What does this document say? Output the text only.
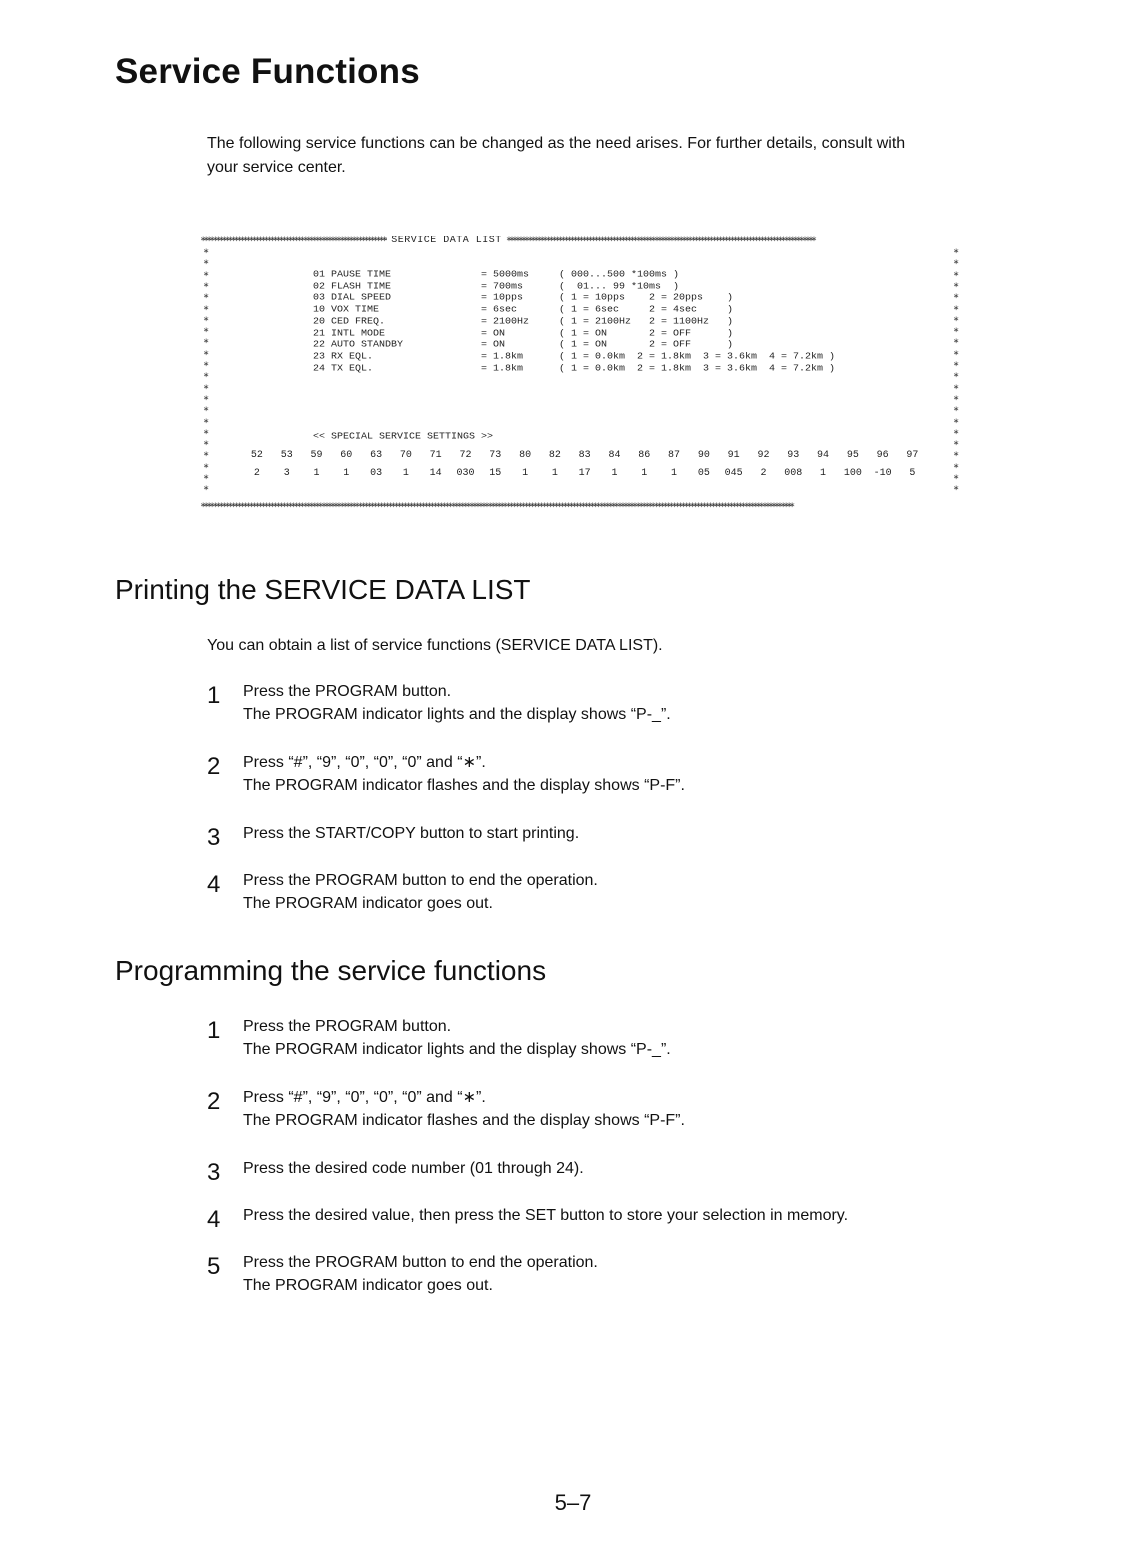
Service Functions

The following service functions can be changed as the need arises. For further details, consult with

your service center.

∗∗∗∗∗∗∗∗∗∗∗∗∗∗∗∗∗∗∗∗∗∗∗∗∗∗∗∗∗∗∗∗∗∗∗∗∗∗∗∗∗∗∗∗∗∗∗∗∗∗∗∗∗∗∗∗∗∗∗∗∗∗ SERVICE DATA LIST ∗∗∗∗∗∗∗∗∗∗∗∗∗∗∗∗∗∗∗∗∗∗∗∗∗∗∗∗∗∗∗∗∗∗∗∗∗∗∗∗∗∗∗∗∗∗∗∗∗∗∗∗∗∗∗∗∗∗∗∗∗∗∗∗∗∗∗∗∗∗∗∗∗∗∗∗∗∗∗∗∗∗∗∗∗∗∗∗∗∗∗∗∗∗∗∗∗∗∗∗∗∗
∗	∗
∗	∗
∗	∗
∗	∗
∗	∗
∗	∗
∗	∗
∗	∗
∗	∗
∗	∗
∗	∗
∗	∗
∗	∗
∗	∗
∗	∗
∗	∗
∗	∗
∗	∗
∗	∗
∗	∗
∗	∗
∗	∗
01 PAUSE TIME	= 5000ms	( 000...500 *100ms )
02 FLASH TIME	= 700ms	(  01... 99 *10ms  )
03 DIAL SPEED	= 10pps	( 1 = 10pps    2 = 20pps    )
10 VOX TIME	= 6sec	( 1 = 6sec     2 = 4sec     )
20 CED FREQ.	= 2100Hz	( 1 = 2100Hz   2 = 1100Hz   )
21 INTL MODE	= ON	( 1 = ON       2 = OFF      )
22 AUTO STANDBY	= ON	( 1 = ON       2 = OFF      )
23 RX EQL.	= 1.8km	( 1 = 0.0km  2 = 1.8km  3 = 3.6km  4 = 7.2km )
24 TX EQL.	= 1.8km	( 1 = 0.0km  2 = 1.8km  3 = 3.6km  4 = 7.2km )
<< SPECIAL SERVICE SETTINGS >>
52 53 59 60 63 70 71 72 73 80 82 83 84 86 87 90 91 92 93 94 95 96 97
2 3 1 1 03 1 14 030 15 1 1 17 1 1 1 05 045 2 008 1 100 -10 5
∗∗∗∗∗∗∗∗∗∗∗∗∗∗∗∗∗∗∗∗∗∗∗∗∗∗∗∗∗∗∗∗∗∗∗∗∗∗∗∗∗∗∗∗∗∗∗∗∗∗∗∗∗∗∗∗∗∗∗∗∗∗∗∗∗∗∗∗∗∗∗∗∗∗∗∗∗∗∗∗∗∗∗∗∗∗∗∗∗∗∗∗∗∗∗∗∗∗∗∗∗∗∗∗∗∗∗∗∗∗∗∗∗∗∗∗∗∗∗∗∗∗∗∗∗∗∗∗∗∗∗∗∗∗∗∗∗∗∗∗∗∗∗∗∗∗∗∗∗∗∗∗∗∗∗∗∗∗∗∗∗∗∗∗∗∗∗∗∗∗∗∗∗∗∗∗∗∗∗∗∗∗∗∗∗∗∗∗∗∗∗∗∗∗∗∗
Printing the SERVICE DATA LIST

You can obtain a list of service functions (SERVICE DATA LIST).

1 Press the PROGRAM button.
The PROGRAM indicator lights and the display shows “P-_”.
2 Press “#”, “9”, “0”, “0”, “0” and “∗”.
The PROGRAM indicator flashes and the display shows “P-F”.
3 Press the START/COPY button to start printing.
4 Press the PROGRAM button to end the operation.
The PROGRAM indicator goes out.
Programming the service functions
1 Press the PROGRAM button.
The PROGRAM indicator lights and the display shows “P-_”.
2 Press “#”, “9”, “0”, “0”, “0” and “∗”.
The PROGRAM indicator flashes and the display shows “P-F”.
3 Press the desired code number (01 through 24).
4 Press the desired value, then press the SET button to store your selection in memory.
5 Press the PROGRAM button to end the operation.
The PROGRAM indicator goes out.
5–7
